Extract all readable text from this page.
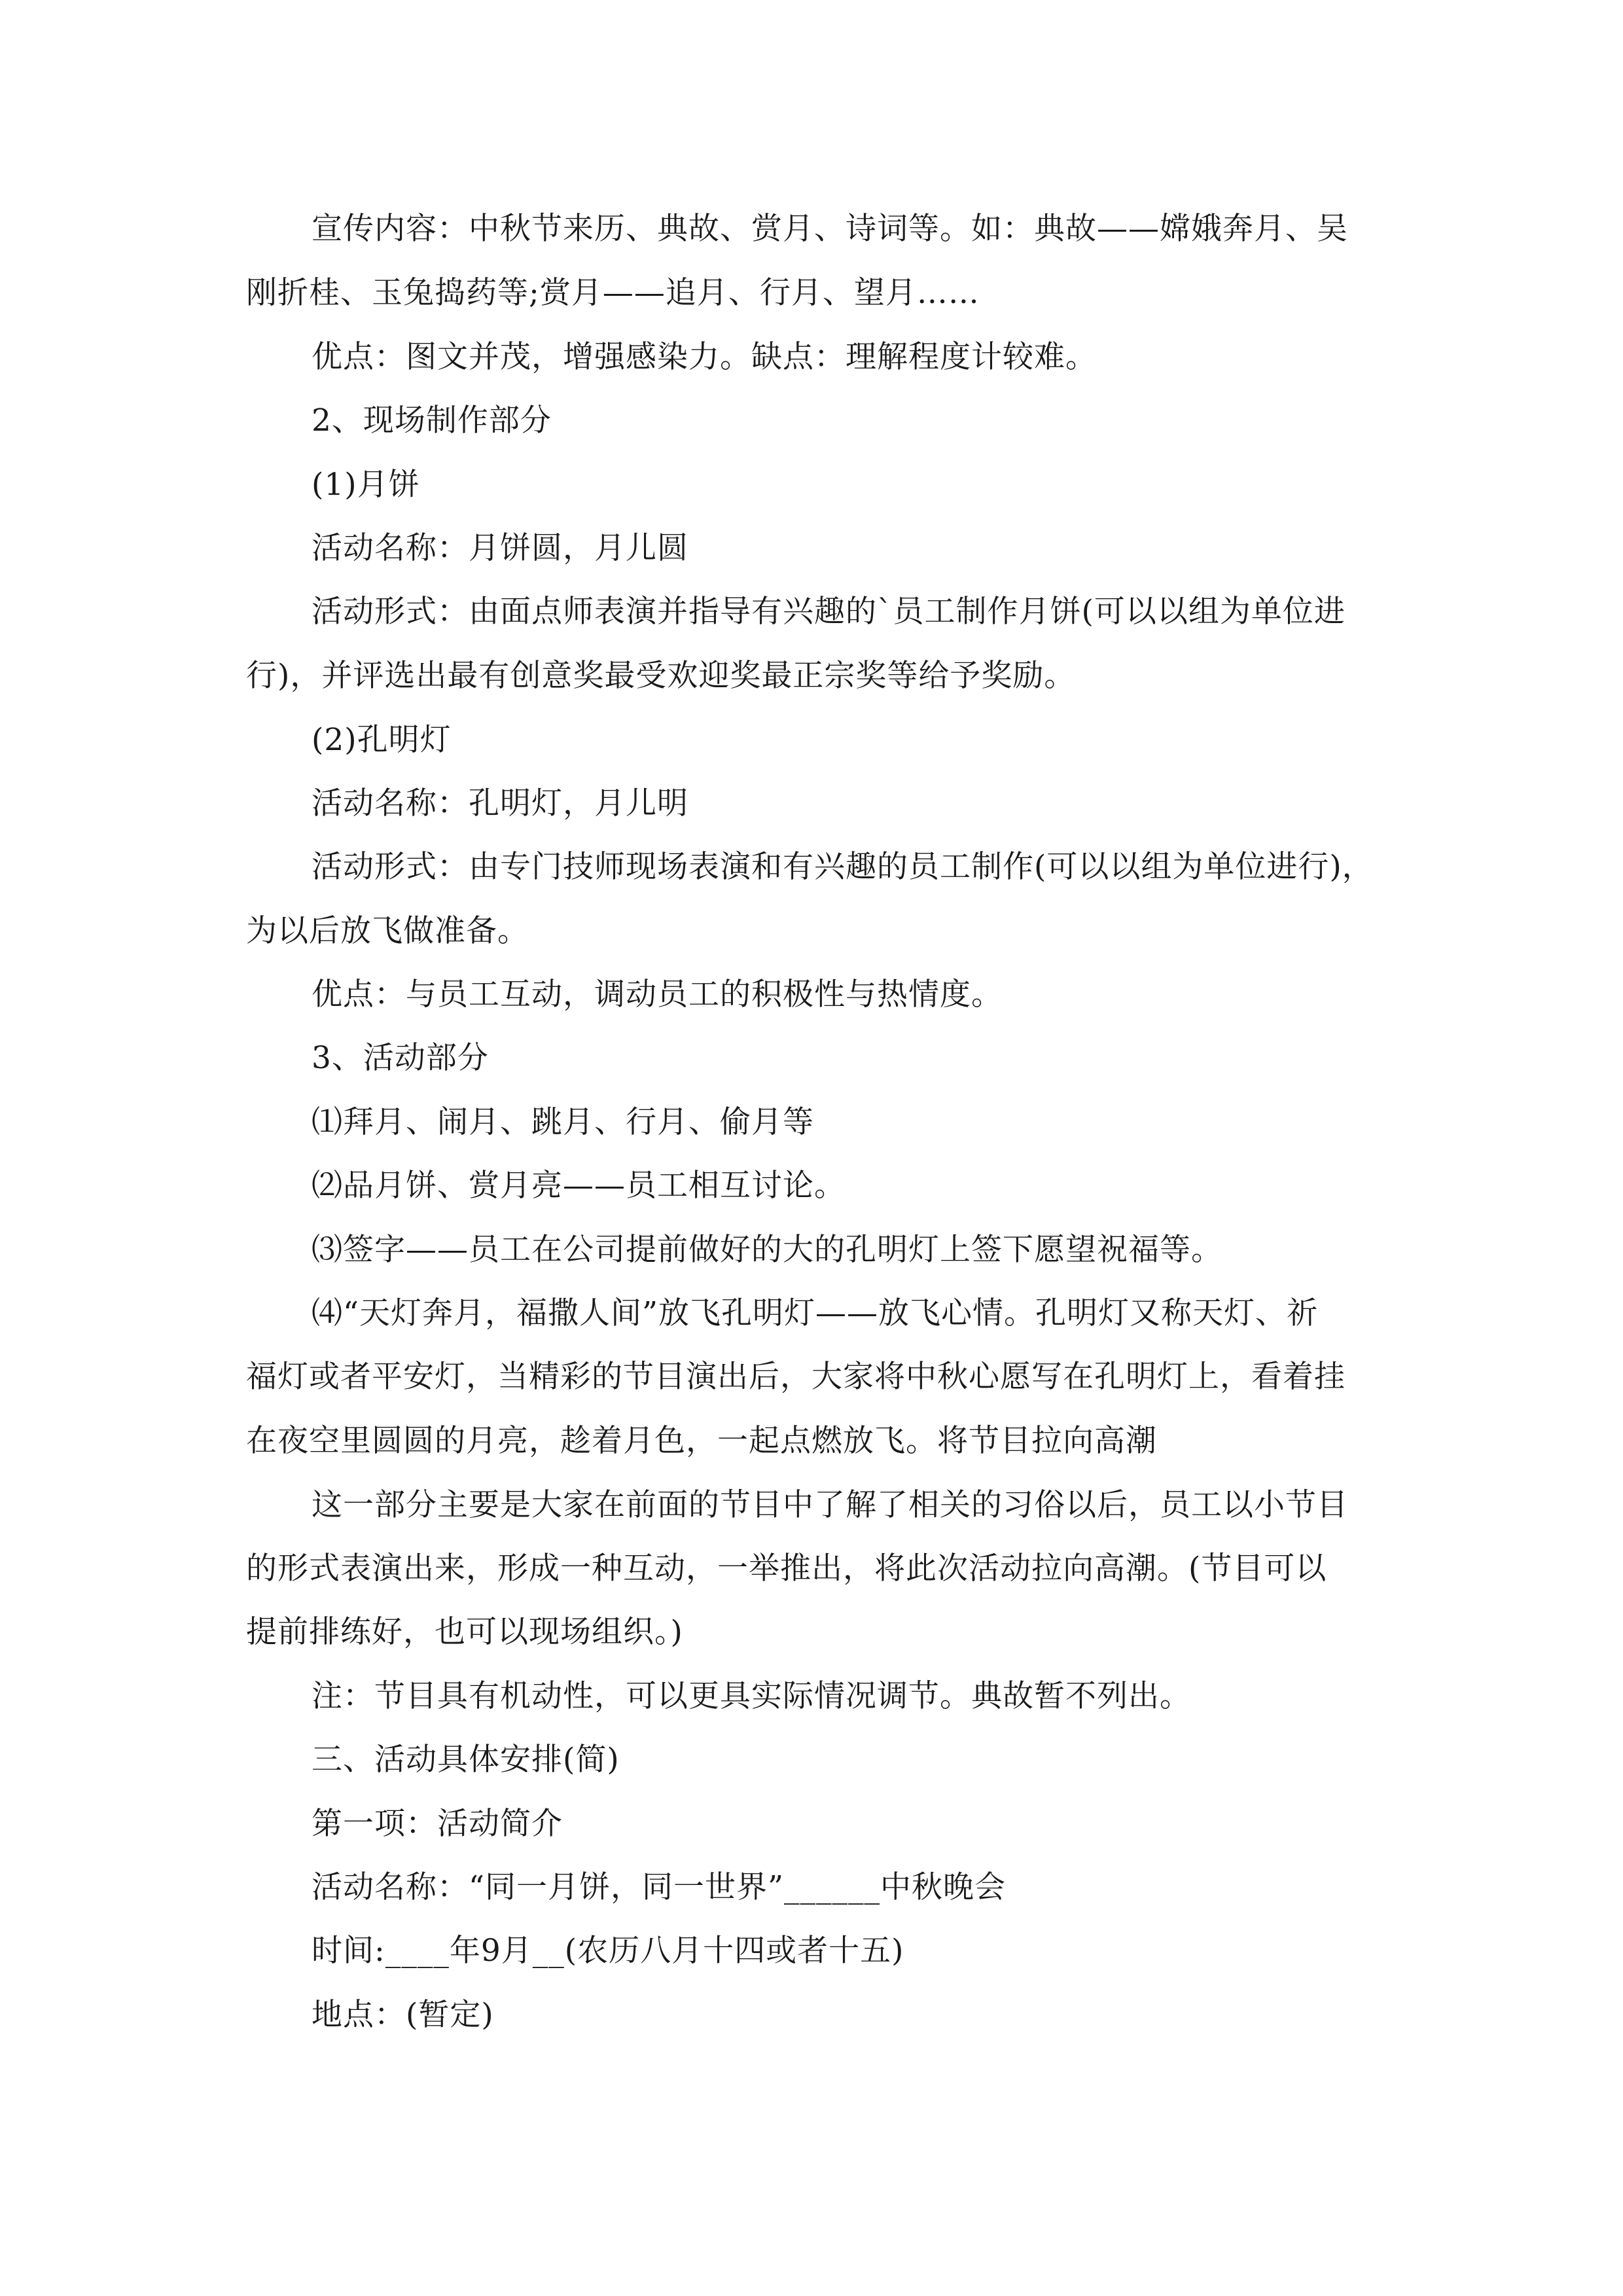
宣传内容：中秋节来历、典故、赏月、诗词等。如：典故——嫦娥奔月、吴
刚折桂、玉兔捣药等;赏月——追月、行月、望月……
优点：图文并茂，增强感染力。缺点：理解程度计较难。
2、现场制作部分
(1)月饼
活动名称：月饼圆，月儿圆
活动形式：由面点师表演并指导有兴趣的`员工制作月饼(可以以组为单位进
行)，并评选出最有创意奖最受欢迎奖最正宗奖等给予奖励。
(2)孔明灯
活动名称：孔明灯，月儿明
活动形式：由专门技师现场表演和有兴趣的员工制作(可以以组为单位进行)，
为以后放飞做准备。
优点：与员工互动，调动员工的积极性与热情度。
3、活动部分
⑴拜月、闹月、跳月、行月、偷月等
⑵品月饼、赏月亮——员工相互讨论。
⑶签字——员工在公司提前做好的大的孔明灯上签下愿望祝福等。
⑷“天灯奔月，福撒人间”放飞孔明灯——放飞心情。孔明灯又称天灯、祈
福灯或者平安灯，当精彩的节目演出后，大家将中秋心愿写在孔明灯上，看着挂
在夜空里圆圆的月亮，趁着月色，一起点燃放飞。将节目拉向高潮
这一部分主要是大家在前面的节目中了解了相关的习俗以后，员工以小节目
的形式表演出来，形成一种互动，一举推出，将此次活动拉向高潮。(节目可以
提前排练好，也可以现场组织。)
注：节目具有机动性，可以更具实际情况调节。典故暂不列出。
三、活动具体安排(简)
第一项：活动简介
活动名称：“同一月饼，同一世界”______中秋晚会
时间:____年9月__(农历八月十四或者十五)
地点：(暂定)
